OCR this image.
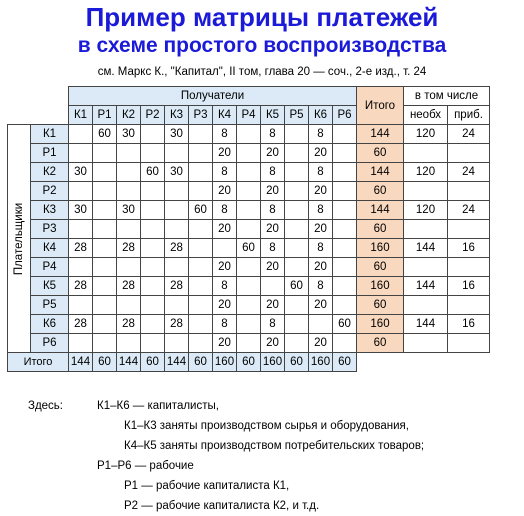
Пример матрицы платежей
в схеме простого воспроизводства
см. Маркс К., "Капитал", II том, глава 20 — соч., 2-е изд., т. 24
		Получатели												Итого	в том числе	
		К1	Р1	К2	Р2	К3	Р3	К4	Р4	К5	Р5	К6	Р6		необх	приб.

Плательщики	К1		60	30		30		8		8		8		144	120	24
	Р1							20		20		20		60		
	К2	30			60	30		8		8		8		144	120	24
	Р2							20		20		20		60		
	К3	30		30			60	8		8		8		144	120	24
	Р3							20		20		20		60		
	К4	28		28		28			60	8		8		160	144	16
	Р4							20		20		20		60		
	К5	28		28		28		8			60	8		160	144	16
	Р5							20		20		20		60		
	К6	28		28		28		8		8			60	160	144	16
	Р6							20		20		20		60		
Итого		144	60	144	60	144	60	160	60	160	60	160	60			
Здесь:	К1–К6 — капиталисты,
К1–К3 заняты производством сырья и оборудования,
К4–К5 заняты производством потребительских товаров;
Р1–Р6 — рабочие
Р1 — рабочие капиталиста К1,
Р2 — рабочие капиталиста К2, и т.д.
